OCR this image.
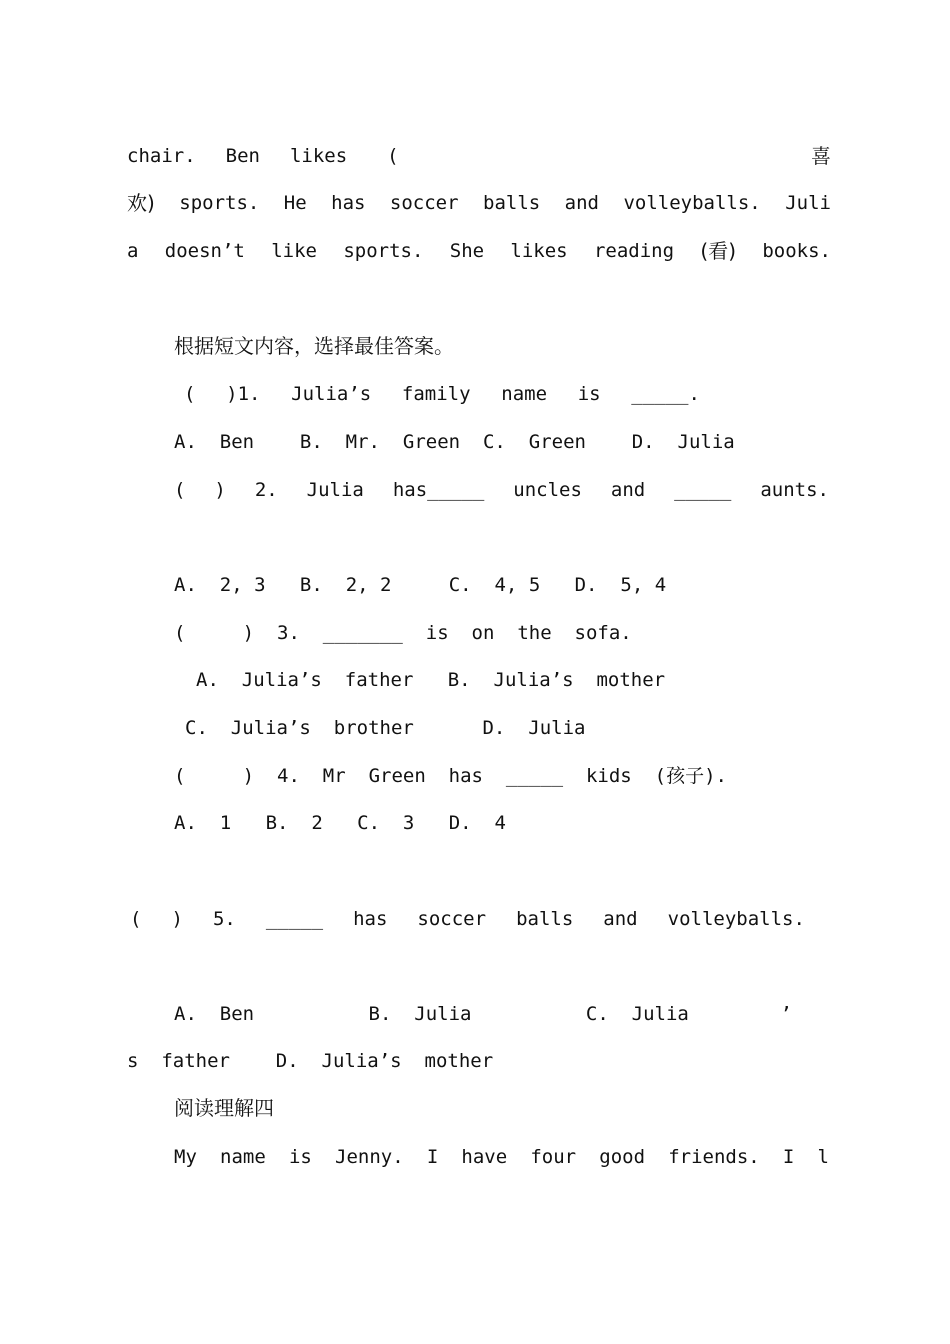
chair. Ben likes (	喜
欢) sports. He has soccer balls and volleyballs. Juli
a doesn’t like sports. She likes reading (看) books.
根据短文内容，选择最佳答案。
( )1. Julia’s family name is _____.
A. Ben B. Mr. Green C. Green D. Julia
( ) 2. Julia has_____ uncles and _____ aunts.
A. 2, 3 B. 2, 2	C. 4, 5 D. 5, 4
(	) 3. _______ is on the sofa.
A. Julia’s father B. Julia’s mother
C. Julia’s brother	D. Julia
(	) 4. Mr Green has _____ kids (孩子).
A. 1 B. 2 C. 3 D. 4
( ) 5. _____ has soccer balls and volleyballs.
A. Ben	B. Julia	C. Julia	’
s father D. Julia’s mother
阅读理解四
My name is Jenny. I have four good friends. I l
